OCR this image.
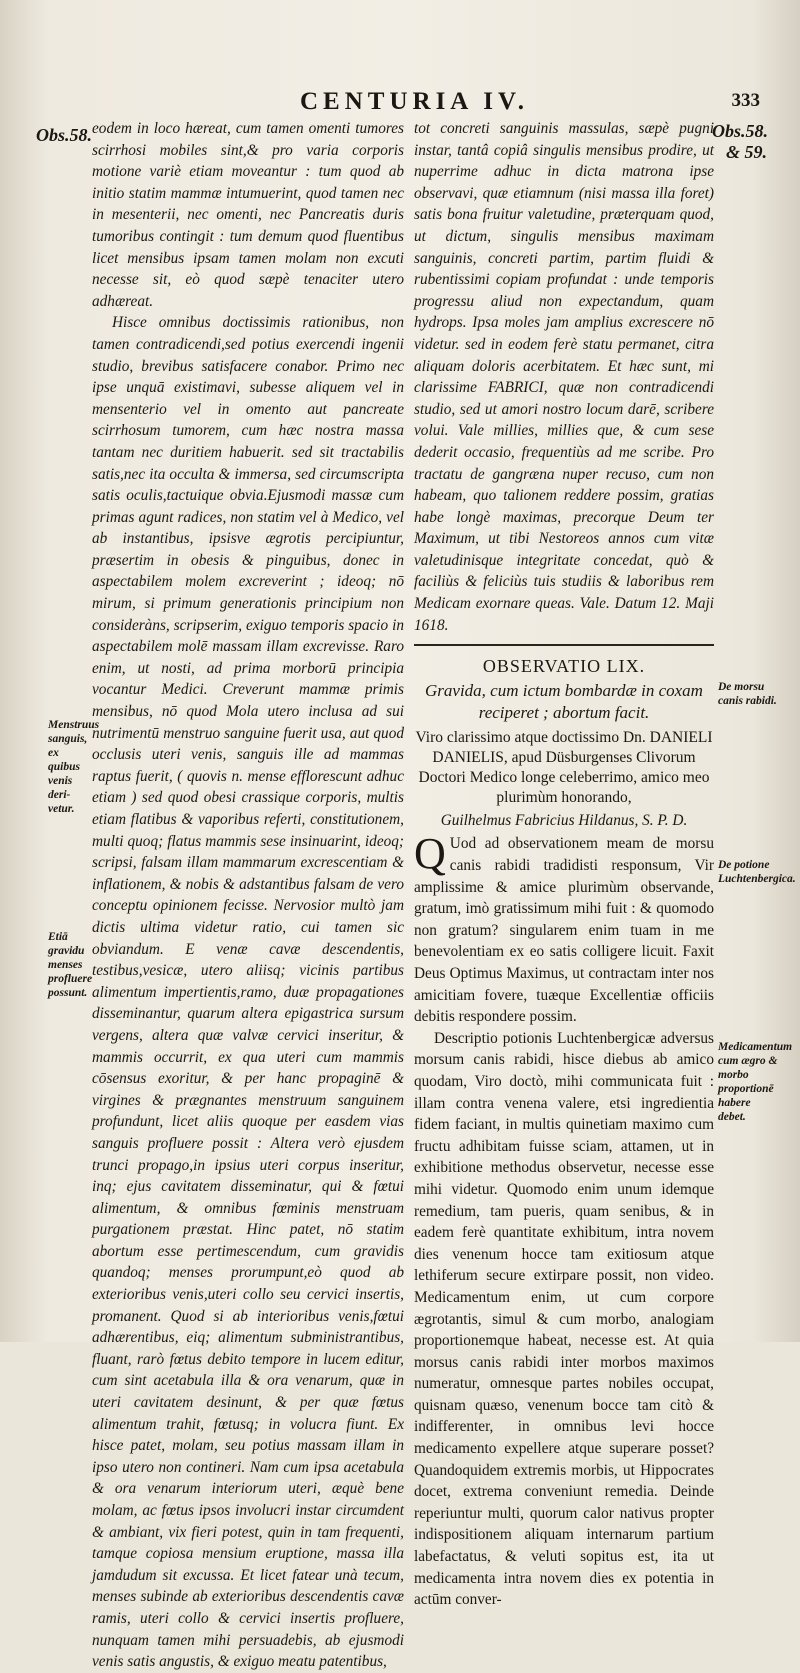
CENTURIA IV.	333
Obs.58.	Obs.58.
& 59.
Menstruus sanguis, ex quibus venis deri-vetur.
Etiā gravidu menses profluere possunt.
De morsu canis rabidi.
De potione Luchtenbergica.
Medicamentum cum ægro & morbo proportionē habere debet.

eodem in loco hæreat, cum tamen omenti tumores scirrhosi mobiles sint,& pro varia corporis motione variè etiam moveantur : tum quod ab initio statim mammæ intumuerint, quod tamen nec in mesenterii, nec omenti, nec Pancreatis duris tumoribus contingit : tum demum quod fluentibus licet mensibus ipsam tamen molam non excuti necesse sit, eò quod sæpè tenaciter utero adhæreat.

Hisce omnibus doctissimis rationibus, non tamen contradicendi,sed potius exercendi ingenii studio, brevibus satisfacere conabor. Primo nec ipse unquā existimavi, subesse aliquem vel in mensenterio vel in omento aut pancreate scirrhosum tumorem, cum hæc nostra massa tantam nec duritiem habuerit. sed sit tractabilis satis,nec ita occulta & immersa, sed circumscripta satis oculis,tactuique obvia.Ejusmodi massæ cum primas agunt radices, non statim vel à Medico, vel ab instantibus, ipsisve ægrotis percipiuntur, præsertim in obesis & pinguibus, donec in aspectabilem molem excreverint ; ideoq; nō mirum, si primum generationis principium non consideràns, scripserim, exiguo temporis spacio in aspectabilem molē massam illam excrevisse. Raro enim, ut nosti, ad prima morborū principia vocantur Medici. Creverunt mammæ primis mensibus, nō quod Mola utero inclusa ad sui nutrimentū menstruo sanguine fuerit usa, aut quod occlusis uteri venis, sanguis ille ad mammas raptus fuerit, ( quovis n. mense efflorescunt adhuc etiam ) sed quod obesi crassique corporis, multis etiam flatibus & vaporibus referti, constitutionem, multi quoq; flatus mammis sese insinuarint, ideoq; scripsi, falsam illam mammarum excrescentiam & inflationem, & nobis & adstantibus falsam de vero conceptu opinionem fecisse. Nervosior multò jam dictis ultima videtur ratio, cui tamen sic obviandum. E venæ cavæ descendentis, testibus,vesicæ, utero aliisq; vicinis partibus alimentum impertientis,ramo, duæ propagationes disseminantur, quarum altera epigastrica sursum vergens, altera quæ valvæ cervici inseritur, & mammis occurrit, ex qua uteri cum mammis cōsensus exoritur, & per hanc propaginē & virgines & prægnantes menstruum sanguinem profundunt, licet aliis quoque per easdem vias sanguis profluere possit : Altera verò ejusdem trunci propago,in ipsius uteri corpus inseritur, inq; ejus cavitatem disseminatur, qui & fœtui alimentum, & omnibus fœminis menstruam purgationem præstat. Hinc patet, nō statim abortum esse pertimescendum, cum gravidis quandoq; menses prorumpunt,eò quod ab exterioribus venis,uteri collo seu cervici insertis, promanent. Quod si ab interioribus venis,fœtui adhærentibus, eiq; alimentum subministrantibus, fluant, rarò fœtus debito tempore in lucem editur, cum sint acetabula illa & ora venarum, quæ in uteri cavitatem desinunt, & per quæ fœtus alimentum trahit, fœtusq; in volucra fiunt. Ex hisce patet, molam, seu potius massam illam in ipso utero non contineri. Nam cum ipsa acetabula & ora venarum interiorum uteri, æquè bene molam, ac fœtus ipsos involucri instar circumdent & ambiant, vix fieri potest, quin in tam frequenti, tamque copiosa mensium eruptione, massa illa jamdudum sit excussa. Et licet fatear unà tecum, menses subinde ab exterioribus descendentis cavæ ramis, uteri collo & cervici insertis profluere, nunquam tamen mihi persuadebis, ab ejusmodi venis satis angustis, & exiguo meatu patentibus,

tot concreti sanguinis massulas, sæpè pugni instar, tantâ copiâ singulis mensibus prodire, ut nuperrime adhuc in dicta matrona ipse observavi, quæ etiamnum (nisi massa illa foret) satis bona fruitur valetudine, præterquam quod, ut dictum, singulis mensibus maximam sanguinis, concreti partim, partim fluidi & rubentissimi copiam profundat : unde temporis progressu aliud non expectandum, quam hydrops. Ipsa moles jam amplius excrescere nō videtur. sed in eodem ferè statu permanet, citra aliquam doloris acerbitatem. Et hæc sunt, mi clarissime FABRICI, quæ non contradicendi studio, sed ut amori nostro locum darē, scribere volui. Vale millies, millies que, & cum sese dederit occasio, frequentiùs ad me scribe. Pro tractatu de gangræna nuper recuso, cum non habeam, quo talionem reddere possim, gratias habe longè maximas, precorque Deum ter Maximum, ut tibi Nestoreos annos cum vitæ valetudinisque integritate concedat, quò & faciliùs & feliciùs tuis studiis & laboribus rem Medicam exornare queas. Vale. Datum 12. Maji 1618.

OBSERVATIO LIX.
Gravida, cum ictum bombardæ in coxam reciperet ; abortum facit.
Viro clarissimo atque doctissimo Dn. DANIELI DANIELIS, apud Düsburgenses Clivorum Doctori Medico longe celeberrimo, amico meo plurimùm honorando,
Guilhelmus Fabricius Hildanus, S. P. D.

Q Uod ad observationem meam de morsu canis rabidi tradidisti responsum, Vir amplissime & amice plurimùm observande, gratum, imò gratissimum mihi fuit : & quomodo non gratum? singularem enim tuam in me benevolentiam ex eo satis colligere licuit. Faxit Deus Optimus Maximus, ut contractam inter nos amicitiam fovere, tuæque Excellentiæ officiis debitis respondere possim.

Descriptio potionis Luchtenbergicæ adversus morsum canis rabidi, hisce diebus ab amico quodam, Viro doctò, mihi communicata fuit : illam contra venena valere, etsi ingredientia fidem faciant, in multis quinetiam maximo cum fructu adhibitam fuisse sciam, attamen, ut in exhibitione methodus observetur, necesse esse mihi videtur. Quomodo enim unum idemque remedium, tam pueris, quam senibus, & in eadem ferè quantitate exhibitum, intra novem dies venenum hocce tam exitiosum atque lethiferum secure extirpare possit, non video. Medicamentum enim, ut cum corpore ægrotantis, simul & cum morbo, analogiam proportionemque habeat, necesse est. At quia morsus canis rabidi inter morbos maximos numeratur, omnesque partes nobiles occupat, quisnam quæso, venenum bocce tam citò & indifferenter, in omnibus levi hocce medicamento expellere atque superare posset? Quandoquidem extremis morbis, ut Hippocrates docet, extrema conveniunt remedia. Deinde reperiuntur multi, quorum calor nativus propter indispositionem aliquam internarum partium labefactatus, & veluti sopitus est, ita ut medicamenta intra novem dies ex potentia in actūm conver-
